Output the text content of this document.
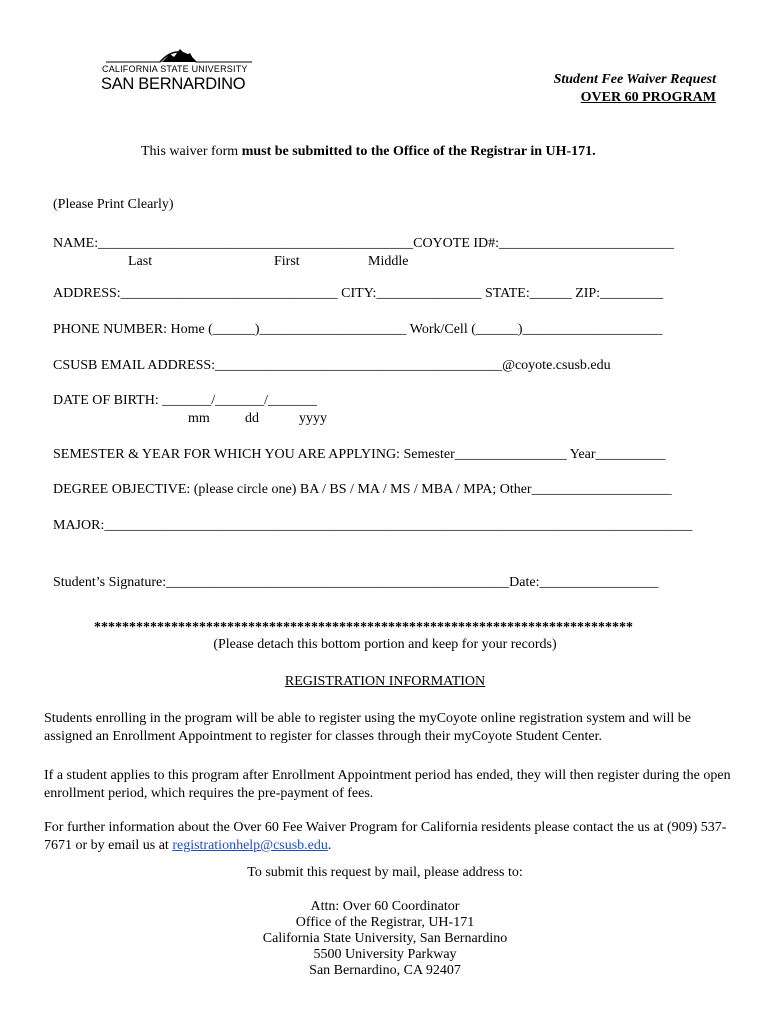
CALIFORNIA STATE UNIVERSITY
SAN BERNARDINO	Student Fee Waiver Request
OVER 60 PROGRAM
This waiver form must be submitted to the Office of the Registrar in UH-171.
(Please Print Clearly)
NAME:_____________________________________________COYOTE ID#:_________________________
Last	First	Middle
ADDRESS:_______________________________ CITY:_______________ STATE:______ ZIP:_________
PHONE NUMBER: Home (______)_____________________ Work/Cell (______)____________________
CSUSB EMAIL ADDRESS:_________________________________________@coyote.csusb.edu
DATE OF BIRTH: _______/_______/_______
mm	dd	yyyy
SEMESTER & YEAR FOR WHICH YOU ARE APPLYING: Semester________________ Year__________
DEGREE OBJECTIVE: (please circle one) BA / BS / MA / MS / MBA / MPA; Other____________________
MAJOR:____________________________________________________________________________________
Student’s Signature:_________________________________________________Date:_________________
*****************************************************************************
(Please detach this bottom portion and keep for your records)
REGISTRATION INFORMATION
Students enrolling in the program will be able to register using the myCoyote online registration system and will be assigned an Enrollment Appointment to register for classes through their myCoyote Student Center.
If a student applies to this program after Enrollment Appointment period has ended, they will then register during the open enrollment period, which requires the pre-payment of fees.
For further information about the Over 60 Fee Waiver Program for California residents please contact the us at (909) 537-7671 or by email us at registrationhelp@csusb.edu.
To submit this request by mail, please address to:
Attn: Over 60 Coordinator
Office of the Registrar, UH-171
California State University, San Bernardino
5500 University Parkway
San Bernardino, CA 92407
